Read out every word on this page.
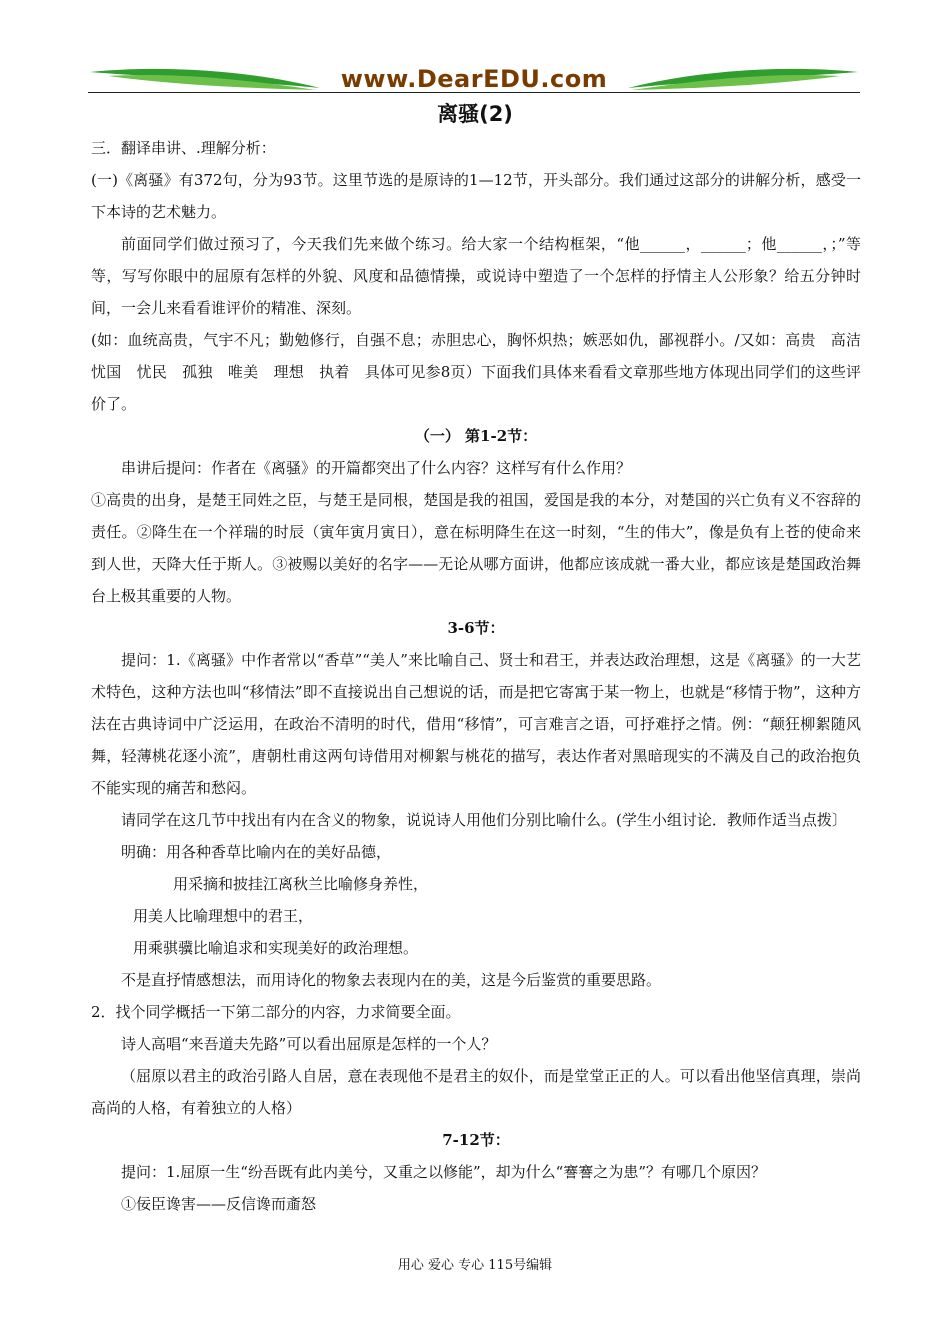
www.DearEDU.com
离骚(2)

三．翻译串讲、.理解分析：

(一)《离骚》有372句，分为93节。这里节选的是原诗的1—12节，开头部分。我们通过这部分的讲解分析，感受一下本诗的艺术魅力。

前面同学们做过预习了，今天我们先来做个练习。给大家一个结构框架，“他______，______；他______，；”等等，写写你眼中的屈原有怎样的外貌、风度和品德情操，或说诗中塑造了一个怎样的抒情主人公形象？给五分钟时间，一会儿来看看谁评价的精准、深刻。

(如：血统高贵，气宇不凡；勤勉修行，自强不息；赤胆忠心，胸怀炽热；嫉恶如仇，鄙视群小。/又如：高贵　高洁　忧国　忧民　孤独　唯美　理想　执着　具体可见参8页）下面我们具体来看看文章那些地方体现出同学们的这些评价了。

（一） 第1-2节：

串讲后提问：作者在《离骚》的开篇都突出了什么内容？这样写有什么作用？

①高贵的出身，是楚王同姓之臣，与楚王是同根，楚国是我的祖国，爱国是我的本分，对楚国的兴亡负有义不容辞的责任。②降生在一个祥瑞的时辰（寅年寅月寅日），意在标明降生在这一时刻，“生的伟大”，像是负有上苍的使命来到人世，天降大任于斯人。③被赐以美好的名字——无论从哪方面讲，他都应该成就一番大业，都应该是楚国政治舞台上极其重要的人物。

3-6节：

提问：1.《离骚》中作者常以“香草”“美人”来比喻自己、贤士和君王，并表达政治理想，这是《离骚》的一大艺术特色，这种方法也叫“移情法”即不直接说出自己想说的话，而是把它寄寓于某一物上，也就是“移情于物”，这种方法在古典诗词中广泛运用，在政治不清明的时代，借用“移情”，可言难言之语，可抒难抒之情。例：“颠狂柳絮随风舞，轻薄桃花逐小流”，唐朝杜甫这两句诗借用对柳絮与桃花的描写，表达作者对黑暗现实的不满及自己的政治抱负不能实现的痛苦和愁闷。

请同学在这几节中找出有内在含义的物象，说说诗人用他们分别比喻什么。(学生小组讨论．教师作适当点拨〕

明确：用各种香草比喻内在的美好品德，

用采摘和披挂江离秋兰比喻修身养性，

用美人比喻理想中的君王，

用乘骐骥比喻追求和实现美好的政治理想。

不是直抒情感想法，而用诗化的物象去表现内在的美，这是今后鉴赏的重要思路。

2．找个同学概括一下第二部分的内容，力求简要全面。

诗人高唱“来吾道夫先路”可以看出屈原是怎样的一个人？

（屈原以君主的政治引路人自居，意在表现他不是君主的奴仆，而是堂堂正正的人。可以看出他坚信真理，崇尚高尚的人格，有着独立的人格）

7-12节：

提问：1.屈原一生“纷吾既有此内美兮，又重之以修能”，却为什么“謇謇之为患”？有哪几个原因？

①佞臣谗害——反信谗而齑怒

用心 爱心 专心 115号编辑
